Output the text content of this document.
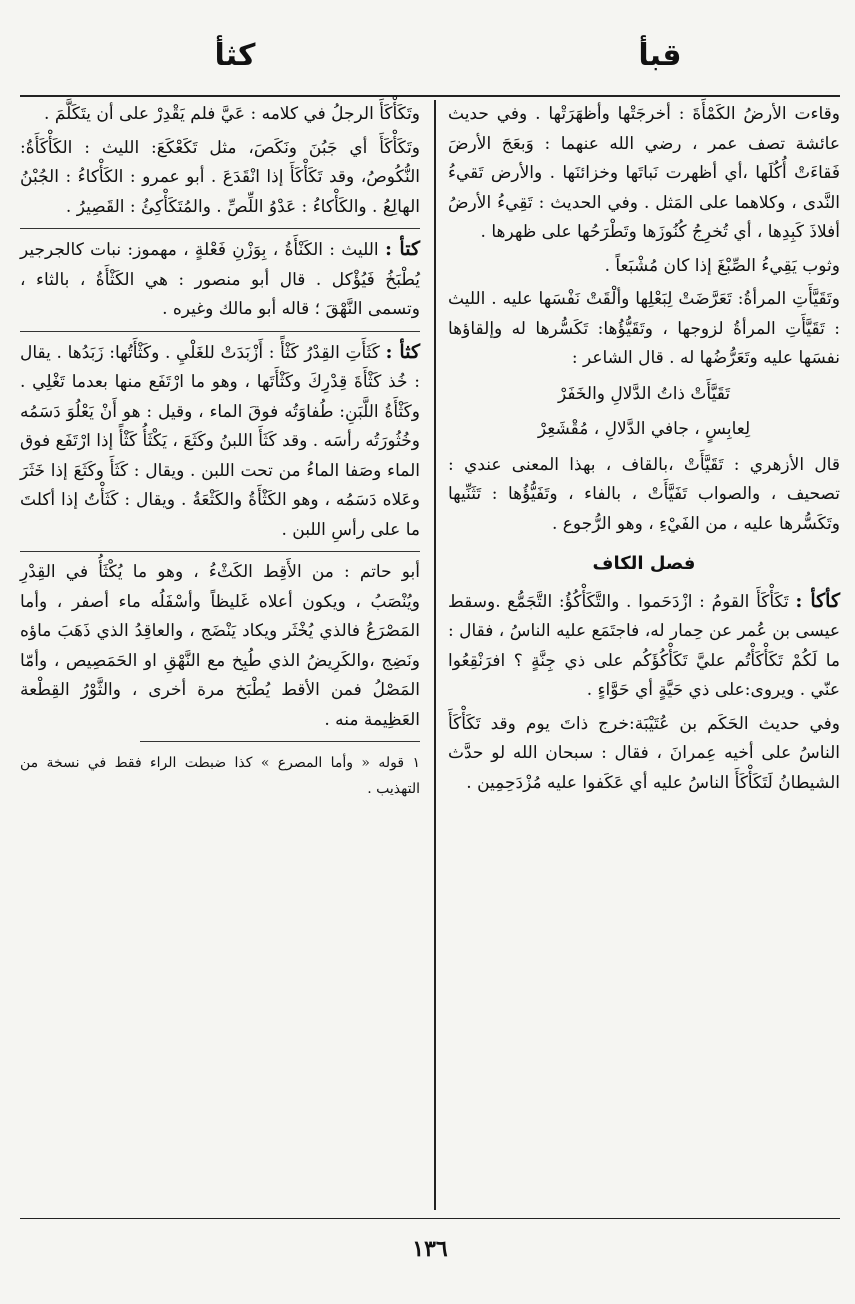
قبأ
كثأ

وقاءت الأرضُ الكَمْأَةَ : أخرجَتْها وأظهَرَتْها . وفي حديث عائشة تصف عمر ، رضي الله عنهما : وَبعَجَ الأرضَ فَقاءَتْ أُكُلَها ،أي أظهرت نَباتَها وخزائنَها . والأرض تَقيءُ النَّدى ، وكلاهما على المَثل . وفي الحديث : تَقِيءُ الأرضُ أفلاذَ كَبِدِها ، أي تُخرِجُ كُنُوزَها وتَطْرَحُها على ظهرها .

وثوب يَقِيءُ الصِّبْغَ إذا كان مُشْبَعاً .

وتَقَيَّأَتِ المرأةُ: تَعَرَّضَتْ لِبَعْلِها وألْقَتْ نَفْسَها عليه . الليث : تَقَيَّأَتِ المرأةُ لزوجها ، وتَقَيُّؤُها: تَكَسُّرها له وإلقاؤها نفسَها عليه وتَعَرُّضُها له . قال الشاعر :

تَقَيَّأَتْ ذاتُ الدَّلالِ والخَفَرْ
لِعابِسٍ ، جافي الدَّلالِ ، مُقْشَعِرْ

قال الأزهري : تَقَيَّأَتْ ،بالقاف ، بهذا المعنى عندي : تصحيف ، والصواب تَفَيَّأَتْ ، بالفاء ، وتَفَيُّؤُها : تَثَنِّيها وتَكَسُّرها عليه ، من الفَيْءِ ، وهو الرُّجوع .

فصل الكاف

كأكأ : تَكَأْكَأَ القومُ : ازْدَحَموا . والتَّكَأْكُؤُ: التَّجَمُّع .وسقط عيسى بن عُمر عن حِمار له، فاجتَمَع عليه الناسُ ، فقال : ما لَكُمْ تَكَأْكَأْتُم عليَّ تَكَأْكُؤَكُم على ذي جِنَّةٍ ؟ افرَنْقِعُوا عنّي . ويروى:على ذي حَيَّةٍ أي حَوَّاءٍ .

وفي حديث الحَكَم بن عُتَيْبَة:خرج ذاتَ يوم وقد تَكَأْكَأَ الناسُ على أخيه عِمرانَ ، فقال : سبحان الله لو حدَّث الشيطانُ لَتَكَأْكَأَ الناسُ عليه أي عَكَفوا عليه مُزْدَحِمِين .

وتَكَأْكَأَ الرجلُ في كلامه : عَيَّ فلم يَقْدِرْ على أن يتَكَلَّمَ .

وتَكَأْكَأَ أي جَبُنَ ونَكَصَ، مثل تَكَعْكَعَ: الليث : الكَأْكَأَةُ: النُّكُوصُ، وقد تَكَأْكَأَ إذا انْقَدَعَ . أبو عمرو : الكَأْكاءُ : الجُبْنُ الهالِعُ . والكَأْكاءُ : عَدْوُ اللِّصِّ . والمُتَكَأْكِئُ : القَصِيرُ .

كتأ : الليث : الكَنْأَةُ ، بِوَزْنِ فَعْلةٍ ، مهموز: نبات كالجرجير يُطْبَخُ فَيُؤْكل . قال أبو منصور : هي الكَثْأَةُ ، بالثاء ، وتسمى النَّهْقَ ؛ قاله أبو مالك وغيره .

كثأ : كَثَأَتِ القِدْرُ كَثْأً : أَزْبَدَتْ للغَلْيِ . وكَثْأَتُها: زَبَدُها . يقال : خُذ كَثْأَةَ قِدْرِكَ وكَثْأَتَها ، وهو ما ارْتَفَع منها بعدما تَغْلِي . وكَثْأَةُ اللَّبَنِ: طُفاوَتُه فوقَ الماء ، وقيل : هو أَنْ يَعْلُوَ دَسَمُه وخُثُورَتُه رأسَه . وقد كَثَأَ اللبنُ وكَثَعَ ، يَكْثَأُ كَثْأً إذا ارْتَفَع فوق الماء وصَفا الماءُ من تحت اللبن . ويقال : كَثَأَ وكَثَعَ إذا خَثَرَ وعَلاه دَسَمُه ، وهو الكَثْأَةُ والكَثْعَةُ . ويقال : كَثَأْتُ إذا أكلتَ ما على رأسِ اللبن .

أبو حاتم : من الأَقِط الكَثْءُ ، وهو ما يُكْثَأُ في القِدْرِ ويُنْصَبُ ، ويكون أعلاه غَليظاً وأسْفَلُه ماء أصفر ، وأما المَصْرَعُ فالذي يُخْثَر ويكاد يَنْضَج ، والعاقِدُ الذي ذَهَبَ ماؤه ونَضِج ،والكَرِيضُ الذي طُبِخ مع النَّهْقِ او الحَمَصِيص ، وأمّا المَصْلُ فمن الأقط يُطْبَخ مرة أخرى ، والثَّوْرُ القِطْعة العَظِيمة منه .

١ قوله « وأما المصرع » كذا ضبطت الراء فقط في نسخة من التهذيب .

١٣٦
